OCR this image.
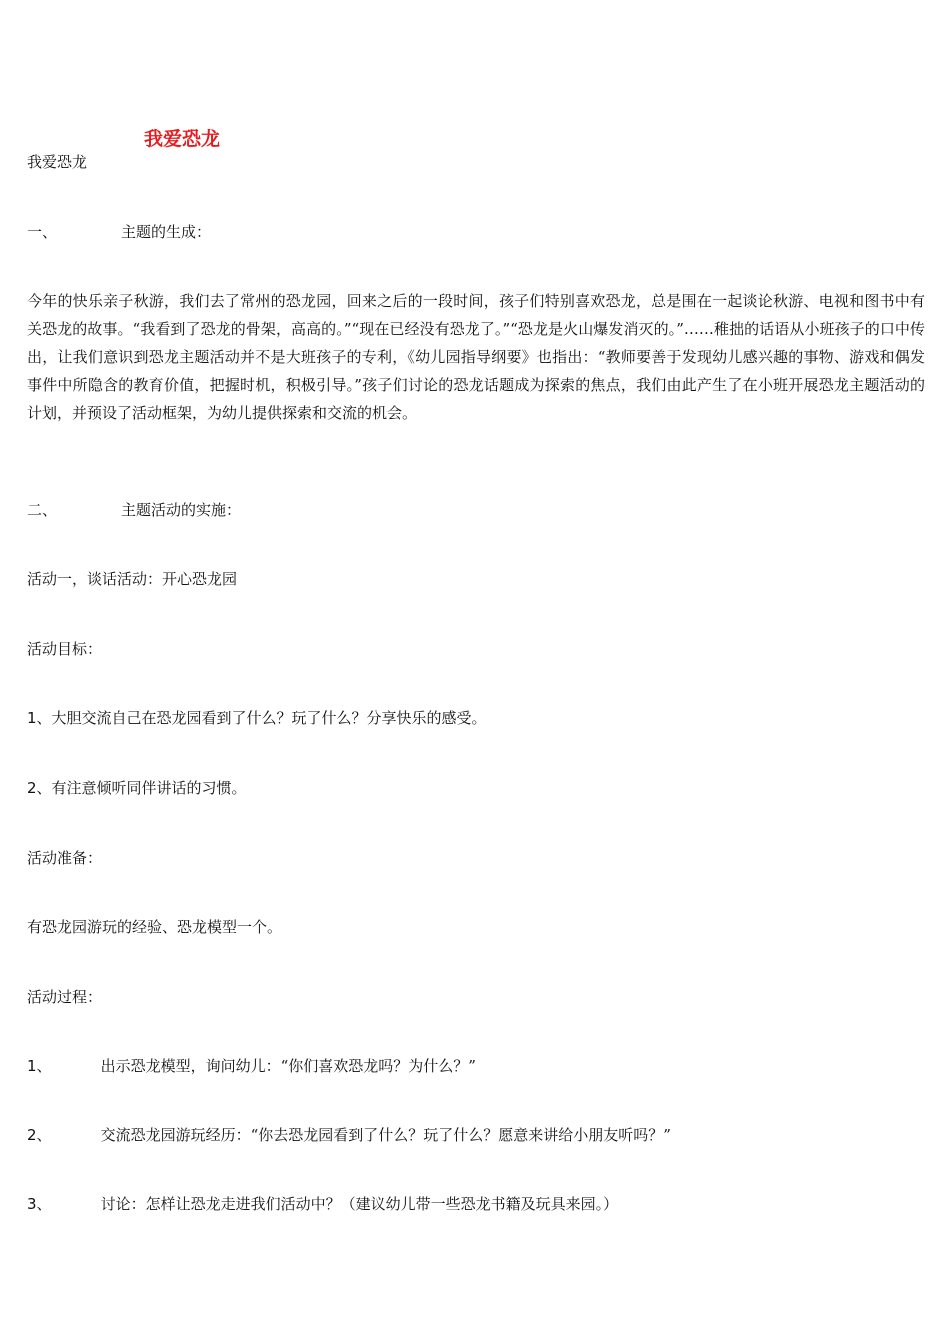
我爱恐龙
我爱恐龙
一、	主题的生成：
今年的快乐亲子秋游，我们去了常州的恐龙园，回来之后的一段时间，孩子们特别喜欢恐龙，总是围在一起谈论秋游、电视和图书中有关恐龙的故事。“我看到了恐龙的骨架，高高的。”“现在已经没有恐龙了。”“恐龙是火山爆发消灭的。”……稚拙的话语从小班孩子的口中传出，让我们意识到恐龙主题活动并不是大班孩子的专利，《幼儿园指导纲要》也指出：“教师要善于发现幼儿感兴趣的事物、游戏和偶发事件中所隐含的教育价值，把握时机，积极引导。”孩子们讨论的恐龙话题成为探索的焦点，我们由此产生了在小班开展恐龙主题活动的计划，并预设了活动框架，为幼儿提供探索和交流的机会。
二、	主题活动的实施：
活动一，谈话活动：开心恐龙园
活动目标：
1、大胆交流自己在恐龙园看到了什么？玩了什么？分享快乐的感受。
2、有注意倾听同伴讲话的习惯。
活动准备：
有恐龙园游玩的经验、恐龙模型一个。
活动过程：
1、	出示恐龙模型，询问幼儿：“你们喜欢恐龙吗？为什么？”
2、	交流恐龙园游玩经历：“你去恐龙园看到了什么？玩了什么？愿意来讲给小朋友听吗？”
3、	讨论：怎样让恐龙走进我们活动中？（建议幼儿带一些恐龙书籍及玩具来园。）
